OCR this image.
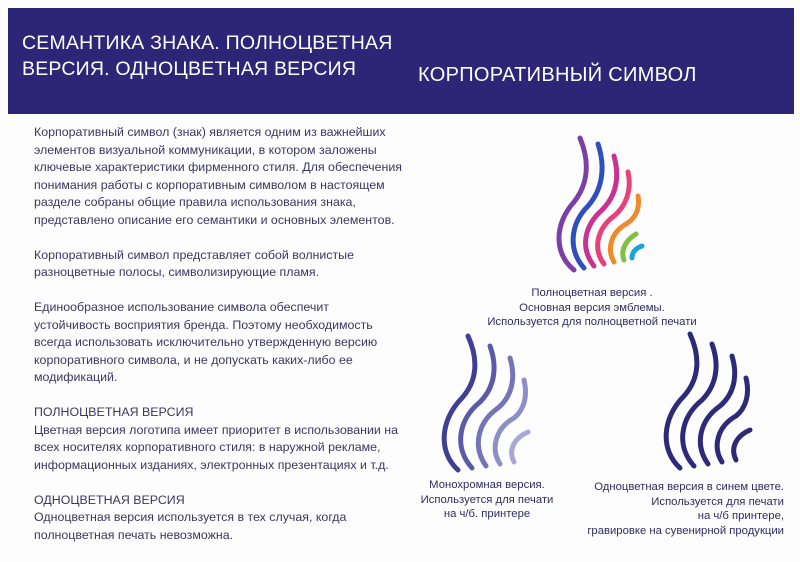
СЕМАНТИКА ЗНАКА. ПОЛНОЦВЕТНАЯ
ВЕРСИЯ. ОДНОЦВЕТНАЯ ВЕРСИЯ	КОРПОРАТИВНЫЙ СИМВОЛ

Корпоративный символ (знак) является одним из важнейших элементов визуальной коммуникации, в котором заложены ключевые характеристики фирменного стиля. Для обеспечения понимания работы с корпоративным символом в настоящем разделе собраны общие правила использования знака, представлено описание его семантики и основных элементов.

Корпоративный символ представляет собой волнистые разноцветные полосы, символизирующие пламя.

Единообразное использование символа обеспечит устойчивость восприятия бренда. Поэтому необходимость всегда использовать исключительно утвержденную версию корпоративного символа, и не допускать каких-либо ее модификаций.

ПОЛНОЦВЕТНАЯ ВЕРСИЯ

Цветная версия логотипа имеет приоритет в использовании на всех носителях корпоративного стиля: в наружной рекламе, информационных изданиях, электронных презентациях и т.д.

ОДНОЦВЕТНАЯ ВЕРСИЯ

Одноцветная версия используется в тех случая, когда полноцветная печать невозможна.

Полноцветная версия .
Основная версия эмблемы.
Используется для полноцветной печати
Монохромная версия.
Используется для печати
на ч/б. принтере
Одноцветная версия в синем цвете.
Используется для печати
на ч/б принтере,
гравировке на сувенирной продукции
